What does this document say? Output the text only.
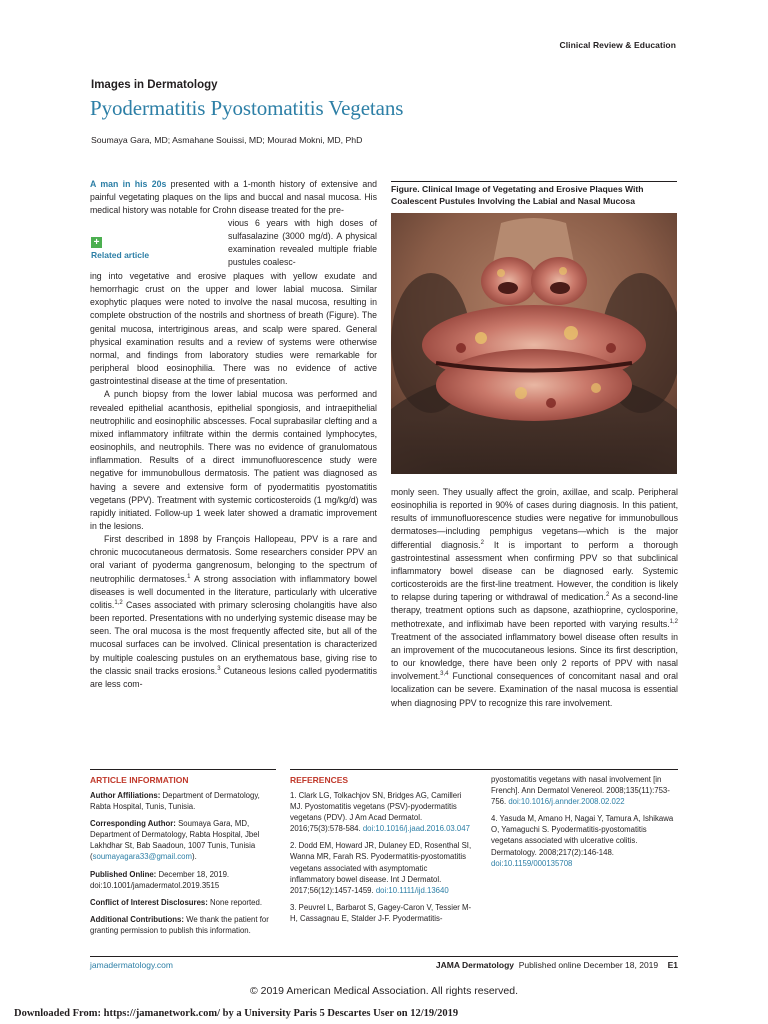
Clinical Review & Education
Images in Dermatology
Pyodermatitis Pyostomatitis Vegetans
Soumaya Gara, MD; Asmahane Souissi, MD; Mourad Mokni, MD, PhD

A man in his 20s presented with a 1-month history of extensive and painful vegetating plaques on the lips and buccal and nasal mucosa. His medical history was notable for Crohn disease treated for the pre-

+
Related article

vious 6 years with high doses of sulfasalazine (3000 mg/d). A physical examination revealed multiple friable pustules coalesc-

ing into vegetative and erosive plaques with yellow exudate and hemorrhagic crust on the upper and lower labial mucosa. Similar exophytic plaques were noted to involve the nasal mucosa, resulting in complete obstruction of the nostrils and shortness of breath (Figure). The genital mucosa, intertriginous areas, and scalp were spared. General physical examination results and a review of systems were otherwise normal, and findings from laboratory studies were remarkable for peripheral blood eosinophilia. There was no evidence of active gastrointestinal disease at the time of presentation.

A punch biopsy from the lower labial mucosa was performed and revealed epithelial acanthosis, epithelial spongiosis, and intraepithelial neutrophilic and eosinophilic abscesses. Focal suprabasilar clefting and a mixed inflammatory infiltrate within the dermis contained lymphocytes, eosinophils, and neutrophils. There was no evidence of granulomatous inflammation. Results of a direct immunofluorescence study were negative for immunobullous dermatosis. The patient was diagnosed as having a severe and extensive form of pyodermatitis pyostomatitis vegetans (PPV). Treatment with systemic corticosteroids (1 mg/kg/d) was rapidly initiated. Follow-up 1 week later showed a dramatic improvement in the lesions.

First described in 1898 by François Hallopeau, PPV is a rare and chronic mucocutaneous dermatosis. Some researchers consider PPV an oral variant of pyoderma gangrenosum, belonging to the spectrum of neutrophilic dermatoses.$^1$ A strong association with inflammatory bowel diseases is well documented in the literature, particularly with ulcerative colitis.$^{1,2}$ Cases associated with primary sclerosing cholangitis have also been reported. Presentations with no underlying systemic disease may be seen. The oral mucosa is the most frequently affected site, but all of the mucosal surfaces can be involved. Clinical presentation is characterized by multiple coalescing pustules on an erythematous base, giving rise to the classic snail tracks erosions.$^3$ Cutaneous lesions called pyodermatitis are less com-

Figure. Clinical Image of Vegetating and Erosive Plaques With Coalescent Pustules Involving the Labial and Nasal Mucosa

monly seen. They usually affect the groin, axillae, and scalp. Peripheral eosinophilia is reported in 90% of cases during diagnosis. In this patient, results of immunofluorescence studies were negative for immunobullous dermatoses—including pemphigus vegetans—which is the major differential diagnosis.$^2$ It is important to perform a thorough gastrointestinal assessment when confirming PPV so that subclinical inflammatory bowel disease can be diagnosed early. Systemic corticosteroids are the first-line treatment. However, the condition is likely to relapse during tapering or withdrawal of medication.$^2$ As a second-line therapy, treatment options such as dapsone, azathioprine, cyclosporine, methotrexate, and infliximab have been reported with varying results.$^{1,2}$ Treatment of the associated inflammatory bowel disease often results in an improvement of the mucocutaneous lesions. Since its first description, to our knowledge, there have been only 2 reports of PPV with nasal involvement.$^{3,4}$ Functional consequences of concomitant nasal and oral localization can be severe. Examination of the nasal mucosa is essential when diagnosing PPV to recognize this rare involvement.

ARTICLE INFORMATION	REFERENCES

Author Affiliations: Department of Dermatology, Rabta Hospital, Tunis, Tunisia.

Corresponding Author: Soumaya Gara, MD, Department of Dermatology, Rabta Hospital, Jbel Lakhdhar St, Bab Saadoun, 1007 Tunis, Tunisia (soumayagara33@gmail.com).

Published Online: December 18, 2019.
doi:10.1001/jamadermatol.2019.3515

Conflict of Interest Disclosures: None reported.

Additional Contributions: We thank the patient for granting permission to publish this information.

1. Clark LG, Tolkachjov SN, Bridges AG, Camilleri MJ. Pyostomatitis vegetans (PSV)-pyodermatitis vegetans (PDV). J Am Acad Dermatol. 2016;75(3):578-584. doi:10.1016/j.jaad.2016.03.047

2. Dodd EM, Howard JR, Dulaney ED, Rosenthal SI, Wanna MR, Farah RS. Pyodermatitis-pyostomatitis vegetans associated with asymptomatic inflammatory bowel disease. Int J Dermatol. 2017;56(12):1457-1459. doi:10.1111/ijd.13640

3. Peuvrel L, Barbarot S, Gagey-Caron V, Tessier M-H, Cassagnau E, Stalder J-F. Pyodermatitis-

pyostomatitis vegetans with nasal involvement [in French]. Ann Dermatol Venereol. 2008;135(11):753-756. doi:10.1016/j.annder.2008.02.022

4. Yasuda M, Amano H, Nagai Y, Tamura A, Ishikawa O, Yamaguchi S. Pyodermatitis-pyostomatitis vegetans associated with ulcerative colitis. Dermatology. 2008;217(2):146-148. doi:10.1159/000135708

jamadermatology.com	JAMA Dermatology Published online December 18, 2019 E1
© 2019 American Medical Association. All rights reserved.
Downloaded From: https://jamanetwork.com/ by a University Paris 5 Descartes User on 12/19/2019
